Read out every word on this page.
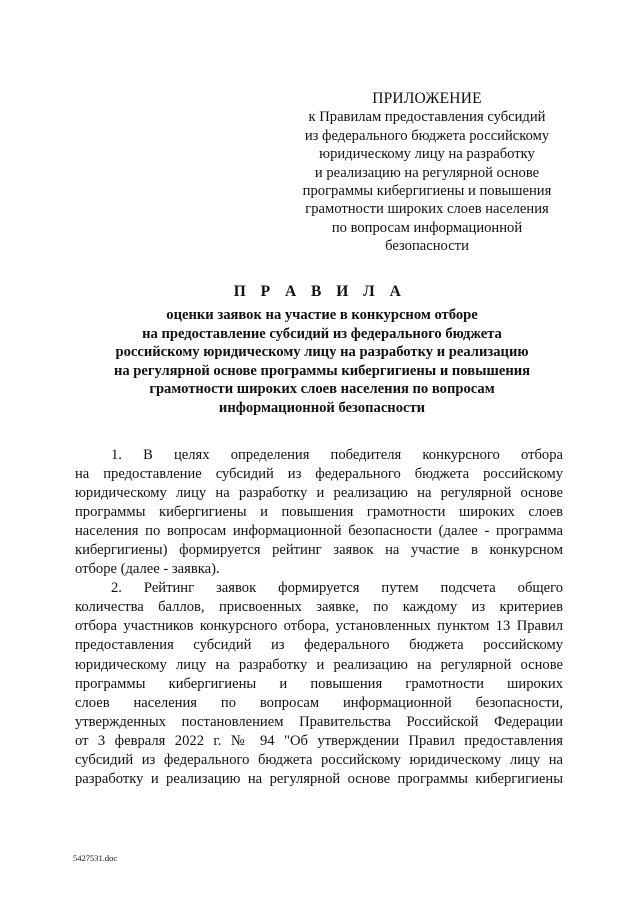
ПРИЛОЖЕНИЕ
к Правилам предоставления субсидий
из федерального бюджета российскому
юридическому лицу на разработку
и реализацию на регулярной основе
программы кибергигиены и повышения
грамотности широких слоев населения
по вопросам информационной
безопасности
П Р А В И Л А
оценки заявок на участие в конкурсном отборе
на предоставление субсидий из федерального бюджета
российскому юридическому лицу на разработку и реализацию
на регулярной основе программы кибергигиены и повышения
грамотности широких слоев населения по вопросам
информационной безопасности
1. В целях определения победителя конкурсного отбора
на предоставление субсидий из федерального бюджета российскому
юридическому лицу на разработку и реализацию на регулярной основе
программы кибергигиены и повышения грамотности широких слоев
населения по вопросам информационной безопасности (далее - программа
кибергигиены) формируется рейтинг заявок на участие в конкурсном
отборе (далее - заявка).
2. Рейтинг заявок формируется путем подсчета общего
количества баллов, присвоенных заявке, по каждому из критериев
отбора участников конкурсного отбора, установленных пунктом 13 Правил
предоставления субсидий из федерального бюджета российскому
юридическому лицу на разработку и реализацию на регулярной основе
программы кибергигиены и повышения грамотности широких
слоев населения по вопросам информационной безопасности,
утвержденных постановлением Правительства Российской Федерации
от 3 февраля 2022 г. № 94 "Об утверждении Правил предоставления
субсидий из федерального бюджета российскому юридическому лицу на
разработку и реализацию на регулярной основе программы кибергигиены
5427531.doc
